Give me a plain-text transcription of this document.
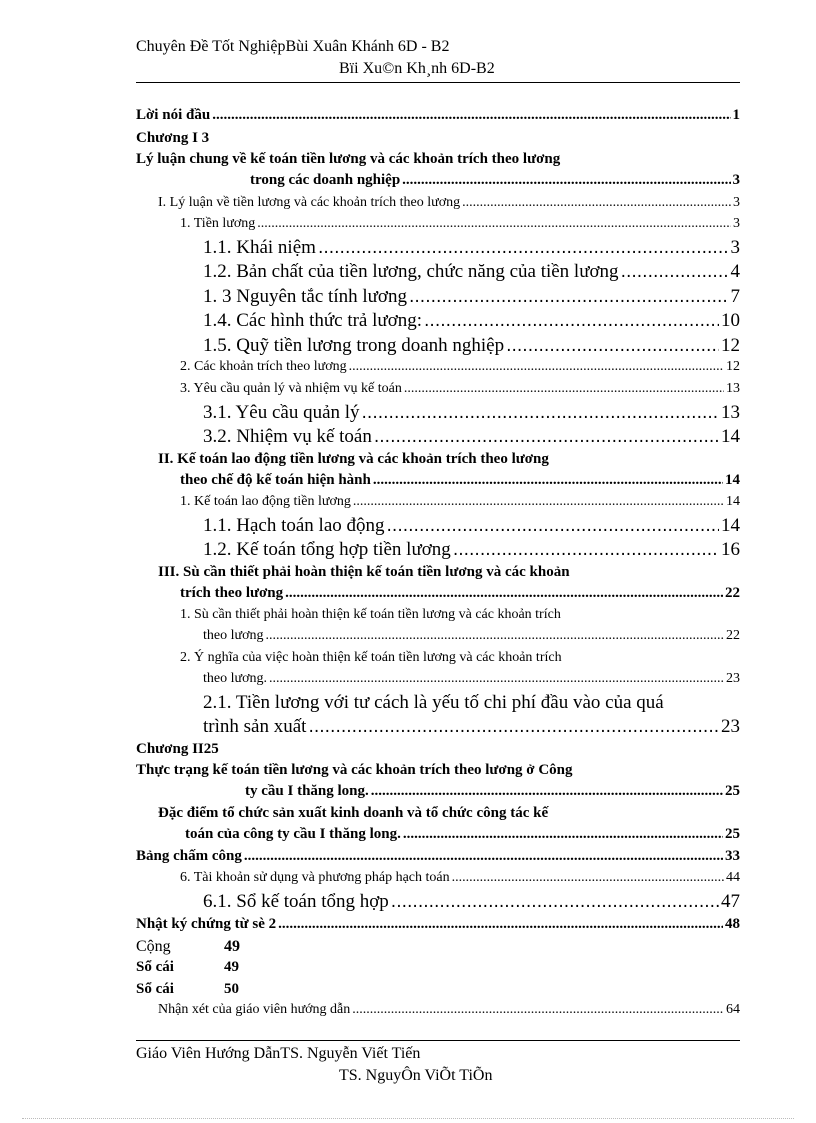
Chuyên Đề Tốt NghiệpBùi Xuân Khánh 6D - B2
Bïi Xu©n Kh¸nh 6D-B2
Lời nói đầu .....	1
Chương I 3
Lý luận chung về kế toán tiền lương và các khoản trích theo lương
trong các doanh nghiệp .....	3
I. Lý luận về tiền lương và các khoản trích theo lương .....	3
1. Tiền lương .....	3
1.1. Khái niệm .....	3
1.2. Bản chất của tiền lương, chức năng của tiền lương .....	4
1. 3 Nguyên tắc tính lương .....	7
1.4. Các hình thức trả lương: .....	10
1.5. Quỹ tiền lương trong doanh nghiệp .....	12
2. Các khoản trích theo lương .....	12
3. Yêu cầu quản lý và nhiệm vụ kế toán .....	13
3.1. Yêu cầu quản lý .....	13
3.2. Nhiệm vụ kế toán .....	14
II. Kế toán lao động tiền lương và các khoản trích theo lương
theo chế độ kế toán hiện hành .....	14
1. Kế toán lao động tiền lương .....	14
1.1. Hạch toán lao động .....	14
1.2. Kế toán tổng hợp tiền lương .....	16
III. Sù cần thiết phải hoàn thiện kế toán tiền lương và các khoản
trích theo lương .....	22
1. Sù cần thiết phải hoàn thiện kế toán tiền lương và các khoản trích
theo lương .....	22
2. Ý nghĩa của việc hoàn thiện kế toán tiền lương và các khoản trích
theo lương. .....	23
2.1. Tiền lương với tư cách là yếu tố chi phí đầu vào của quá
trình sản xuất .....	23
Chương II25
Thực trạng kế toán tiền lương và các khoản trích theo lương ở Công
ty cầu I thăng long. .....	25
Đặc điểm tổ chức sản xuất kinh doanh và tổ chức công tác kế
toán của công ty cầu I thăng long. .....	25
Bảng chấm công .....	33
6. Tài khoản sử dụng và phương pháp hạch toán .....	44
6.1. Sổ kế toán tổng hợp .....	47
Nhật ký chứng từ sè 2 .....	48
Cộng	49
Sổ cái	49
Sổ cái	50
Nhận xét của giáo viên hướng dẫn .....	64
Giáo Viên Hướng DẫnTS. Nguyễn Viết Tiến
TS. NguyÔn ViÕt TiÕn
